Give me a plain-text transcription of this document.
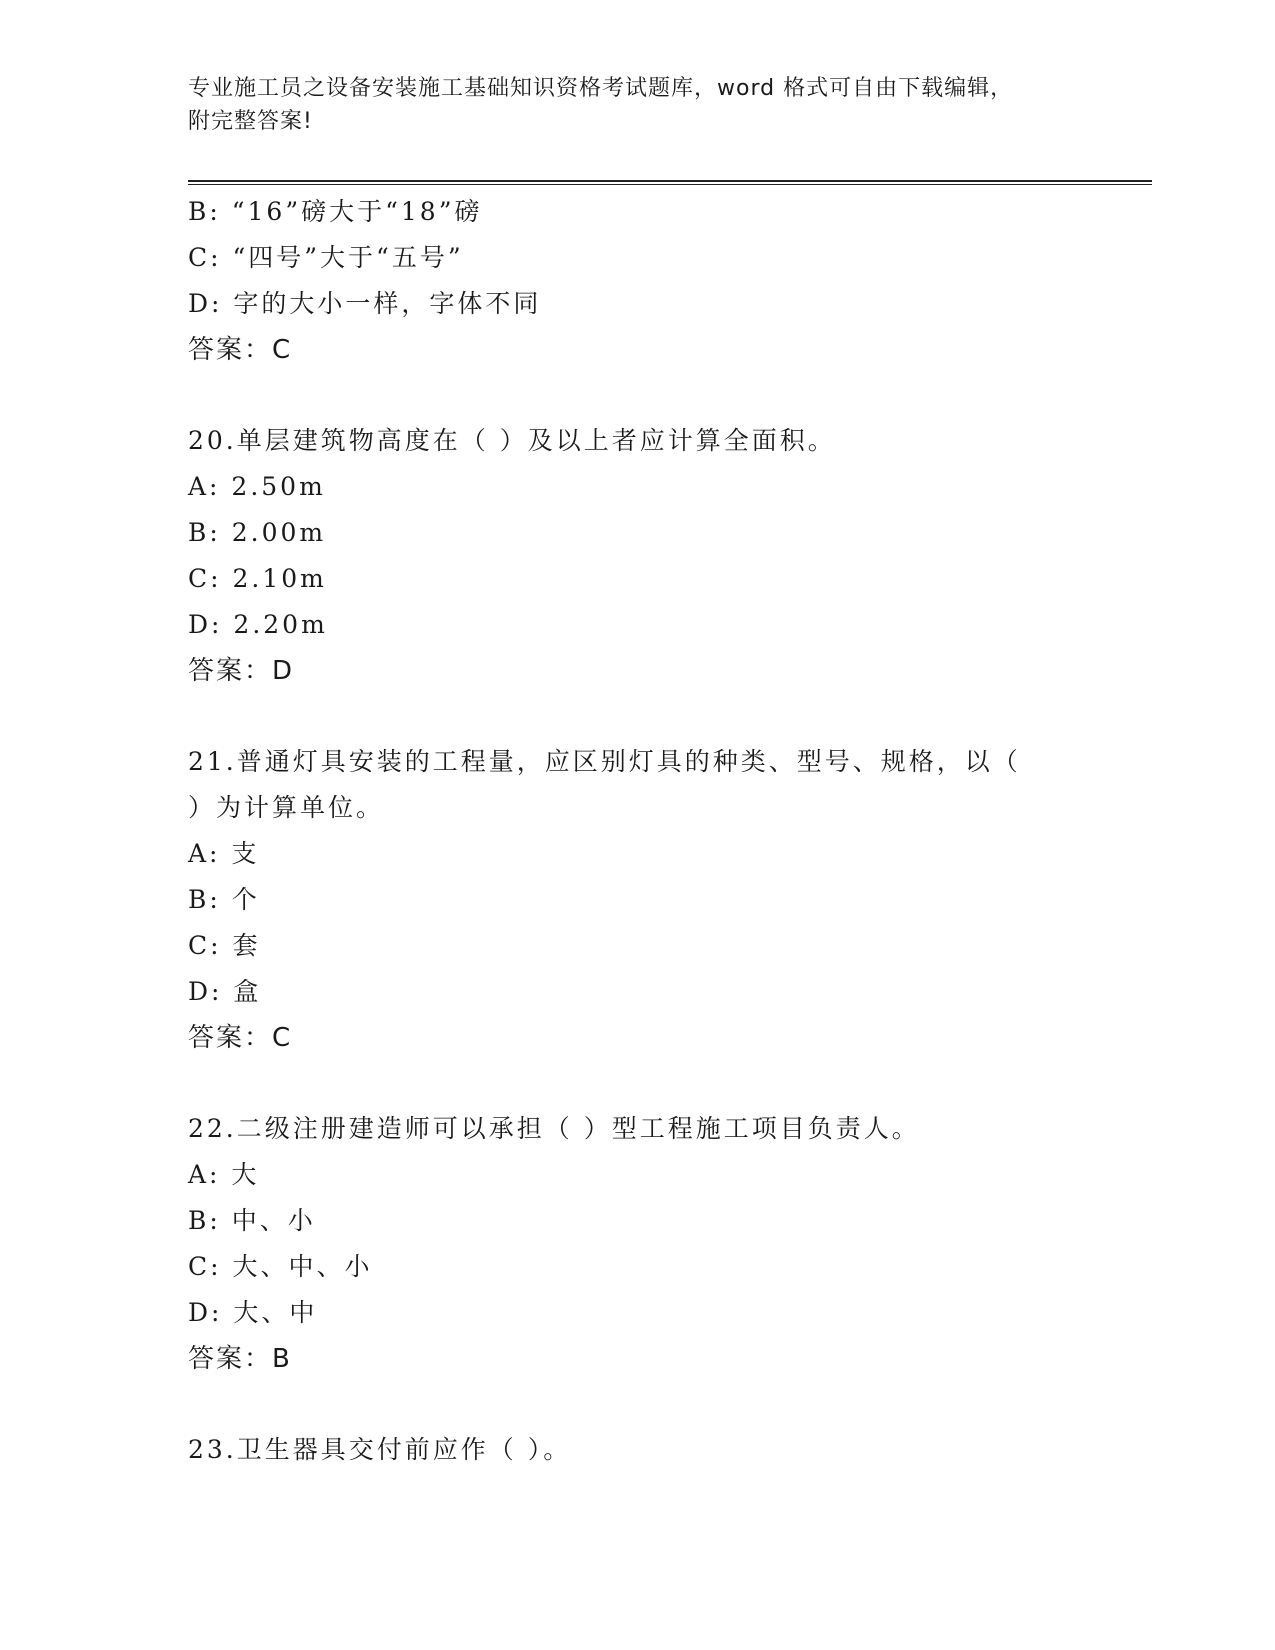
专业施工员之设备安装施工基础知识资格考试题库，word 格式可自由下载编辑，
附完整答案!
B: “16”磅大于“18”磅
C: “四号”大于“五号”
D: 字的大小一样，字体不同
答案：C
20.单层建筑物高度在（ ）及以上者应计算全面积。
A: 2.50m
B: 2.00m
C: 2.10m
D: 2.20m
答案：D
21.普通灯具安装的工程量，应区别灯具的种类、型号、规格，以（
）为计算单位。
A: 支
B: 个
C: 套
D: 盒
答案：C
22.二级注册建造师可以承担（ ）型工程施工项目负责人。
A: 大
B: 中、小
C: 大、中、小
D: 大、中
答案：B
23.卫生器具交付前应作（ ）。
